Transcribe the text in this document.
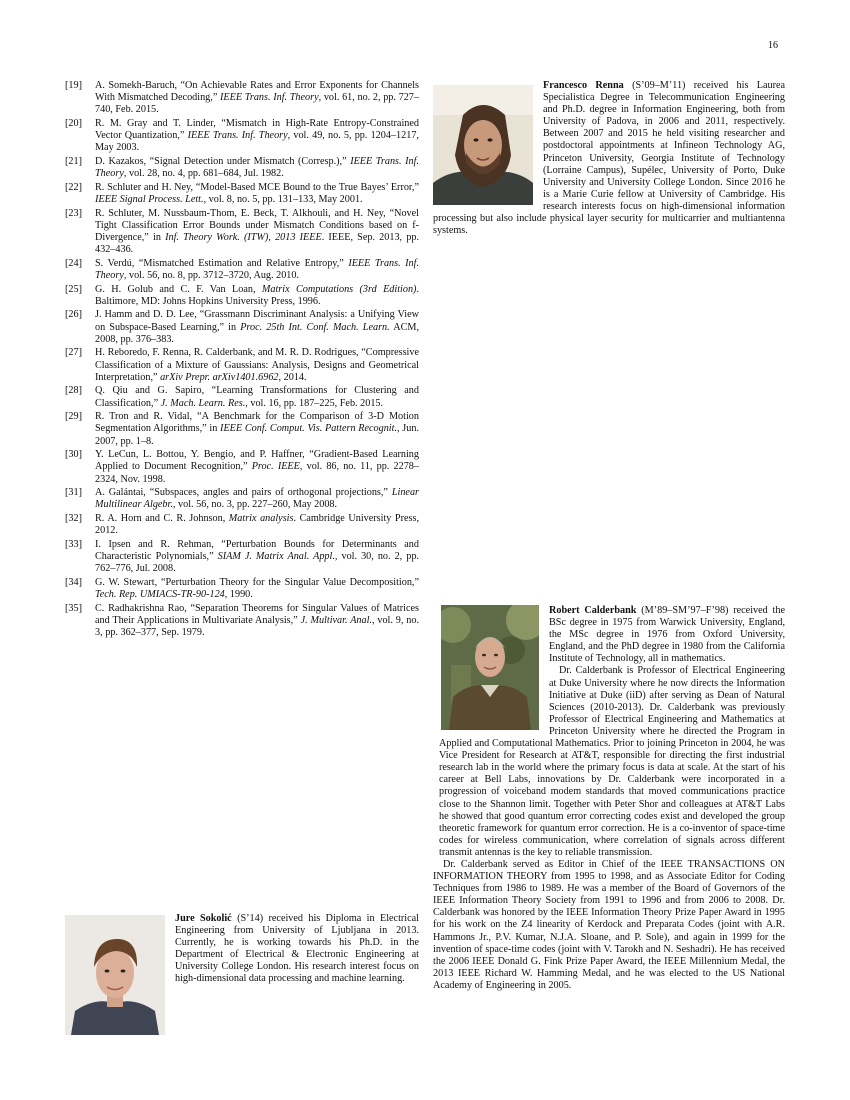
16
[19]	A. Somekh-Baruch, “On Achievable Rates and Error Exponents for Channels With Mismatched Decoding,” IEEE Trans. Inf. Theory, vol. 61, no. 2, pp. 727–740, Feb. 2015.
[20]	R. M. Gray and T. Linder, “Mismatch in High-Rate Entropy-Constrained Vector Quantization,” IEEE Trans. Inf. Theory, vol. 49, no. 5, pp. 1204–1217, May 2003.
[21]	D. Kazakos, “Signal Detection under Mismatch (Corresp.),” IEEE Trans. Inf. Theory, vol. 28, no. 4, pp. 681–684, Jul. 1982.
[22]	R. Schluter and H. Ney, “Model-Based MCE Bound to the True Bayes’ Error,” IEEE Signal Process. Lett., vol. 8, no. 5, pp. 131–133, May 2001.
[23]	R. Schluter, M. Nussbaum-Thom, E. Beck, T. Alkhouli, and H. Ney, “Novel Tight Classification Error Bounds under Mismatch Conditions based on f-Divergence,” in Inf. Theory Work. (ITW), 2013 IEEE. IEEE, Sep. 2013, pp. 432–436.
[24]	S. Verdú, “Mismatched Estimation and Relative Entropy,” IEEE Trans. Inf. Theory, vol. 56, no. 8, pp. 3712–3720, Aug. 2010.
[25]	G. H. Golub and C. F. Van Loan, Matrix Computations (3rd Edition). Baltimore, MD: Johns Hopkins University Press, 1996.
[26]	J. Hamm and D. D. Lee, “Grassmann Discriminant Analysis: a Unifying View on Subspace-Based Learning,” in Proc. 25th Int. Conf. Mach. Learn. ACM, 2008, pp. 376–383.
[27]	H. Reboredo, F. Renna, R. Calderbank, and M. R. D. Rodrigues, “Compressive Classification of a Mixture of Gaussians: Analysis, Designs and Geometrical Interpretation,” arXiv Prepr. arXiv1401.6962, 2014.
[28]	Q. Qiu and G. Sapiro, “Learning Transformations for Clustering and Classification,” J. Mach. Learn. Res., vol. 16, pp. 187–225, Feb. 2015.
[29]	R. Tron and R. Vidal, “A Benchmark for the Comparison of 3-D Motion Segmentation Algorithms,” in IEEE Conf. Comput. Vis. Pattern Recognit., Jun. 2007, pp. 1–8.
[30]	Y. LeCun, L. Bottou, Y. Bengio, and P. Haffner, “Gradient-Based Learning Applied to Document Recognition,” Proc. IEEE, vol. 86, no. 11, pp. 2278–2324, Nov. 1998.
[31]	A. Galántai, “Subspaces, angles and pairs of orthogonal projections,” Linear Multilinear Algebr., vol. 56, no. 3, pp. 227–260, May 2008.
[32]	R. A. Horn and C. R. Johnson, Matrix analysis. Cambridge University Press, 2012.
[33]	I. Ipsen and R. Rehman, “Perturbation Bounds for Determinants and Characteristic Polynomials,” SIAM J. Matrix Anal. Appl., vol. 30, no. 2, pp. 762–776, Jul. 2008.
[34]	G. W. Stewart, “Perturbation Theory for the Singular Value Decomposition,” Tech. Rep. UMIACS-TR-90-124, 1990.
[35]	C. Radhakrishna Rao, “Separation Theorems for Singular Values of Matrices and Their Applications in Multivariate Analysis,” J. Multivar. Anal., vol. 9, no. 3, pp. 362–377, Sep. 1979.

Francesco Renna (S’09–M’11) received his Laurea Specialistica Degree in Telecommunication Engineering and Ph.D. degree in Information Engineering, both from University of Padova, in 2006 and 2011, respectively. Between 2007 and 2015 he held visiting researcher and postdoctoral appointments at Infineon Technology AG, Princeton University, Georgia Institute of Technology (Lorraine Campus), Supélec, University of Porto, Duke University and University College London. Since 2016 he is a Marie Curie fellow at University of Cambridge. His research interests focus on high-dimensional information processing but also include physical layer security for multicarrier and multiantenna systems.

Robert Calderbank (M’89–SM’97–F’98) received the BSc degree in 1975 from Warwick University, England, the MSc degree in 1976 from Oxford University, England, and the PhD degree in 1980 from the California Institute of Technology, all in mathematics.

Dr. Calderbank is Professor of Electrical Engineering at Duke University where he now directs the Information Initiative at Duke (iiD) after serving as Dean of Natural Sciences (2010-2013). Dr. Calderbank was previously Professor of Electrical Engineering and Mathematics at Princeton University where he directed the Program in Applied and Computational Mathematics. Prior to joining Princeton in 2004, he was Vice President for Research at AT&T, responsible for directing the first industrial research lab in the world where the primary focus is data at scale. At the start of his career at Bell Labs, innovations by Dr. Calderbank were incorporated in a progression of voiceband modem standards that moved communications practice close to the Shannon limit. Together with Peter Shor and colleagues at AT&T Labs he showed that good quantum error correcting codes exist and developed the group theoretic framework for quantum error correction. He is a co-inventor of space-time codes for wireless communication, where correlation of signals across different transmit antennas is the key to reliable transmission.

Dr. Calderbank served as Editor in Chief of the IEEE TRANSACTIONS ON INFORMATION THEORY from 1995 to 1998, and as Associate Editor for Coding Techniques from 1986 to 1989. He was a member of the Board of Governors of the IEEE Information Theory Society from 1991 to 1996 and from 2006 to 2008. Dr. Calderbank was honored by the IEEE Information Theory Prize Paper Award in 1995 for his work on the Z4 linearity of Kerdock and Preparata Codes (joint with A.R. Hammons Jr., P.V. Kumar, N.J.A. Sloane, and P. Sole), and again in 1999 for the invention of space-time codes (joint with V. Tarokh and N. Seshadri). He has received the 2006 IEEE Donald G. Fink Prize Paper Award, the IEEE Millennium Medal, the 2013 IEEE Richard W. Hamming Medal, and he was elected to the US National Academy of Engineering in 2005.

Jure Sokolić (S’14) received his Diploma in Electrical Engineering from University of Ljubljana in 2013. Currently, he is working towards his Ph.D. in the Department of Electrical & Electronic Engineering at University College London. His research interest focus on high-dimensional data processing and machine learning.
